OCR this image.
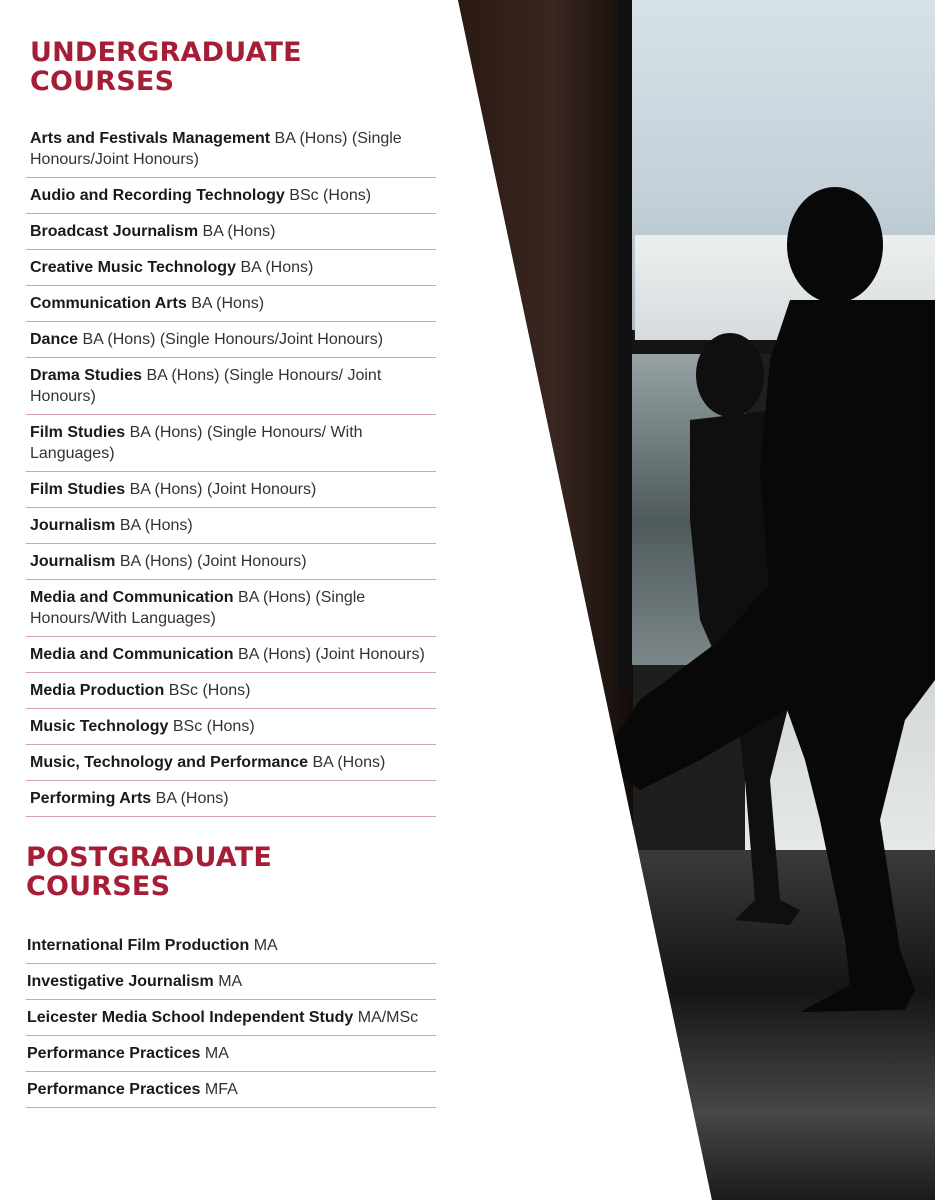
UNDERGRADUATE
COURSES
Arts and Festivals Management BA (Hons) (Single Honours/Joint Honours)
Audio and Recording Technology BSc (Hons)
Broadcast Journalism BA (Hons)
Creative Music Technology BA (Hons)
Communication Arts BA (Hons)
Dance BA (Hons) (Single Honours/Joint Honours)
Drama Studies BA (Hons) (Single Honours/ Joint Honours)
Film Studies BA (Hons) (Single Honours/ With Languages)
Film Studies BA (Hons) (Joint Honours)
Journalism BA (Hons)
Journalism BA (Hons) (Joint Honours)
Media and Communication BA (Hons) (Single Honours/With Languages)
Media and Communication BA (Hons) (Joint Honours)
Media Production BSc (Hons)
Music Technology BSc (Hons)
Music, Technology and Performance BA (Hons)
Performing Arts BA (Hons)
POSTGRADUATE
COURSES
International Film Production MA
Investigative Journalism MA
Leicester Media School Independent Study MA/MSc
Performance Practices MA
Performance Practices MFA
